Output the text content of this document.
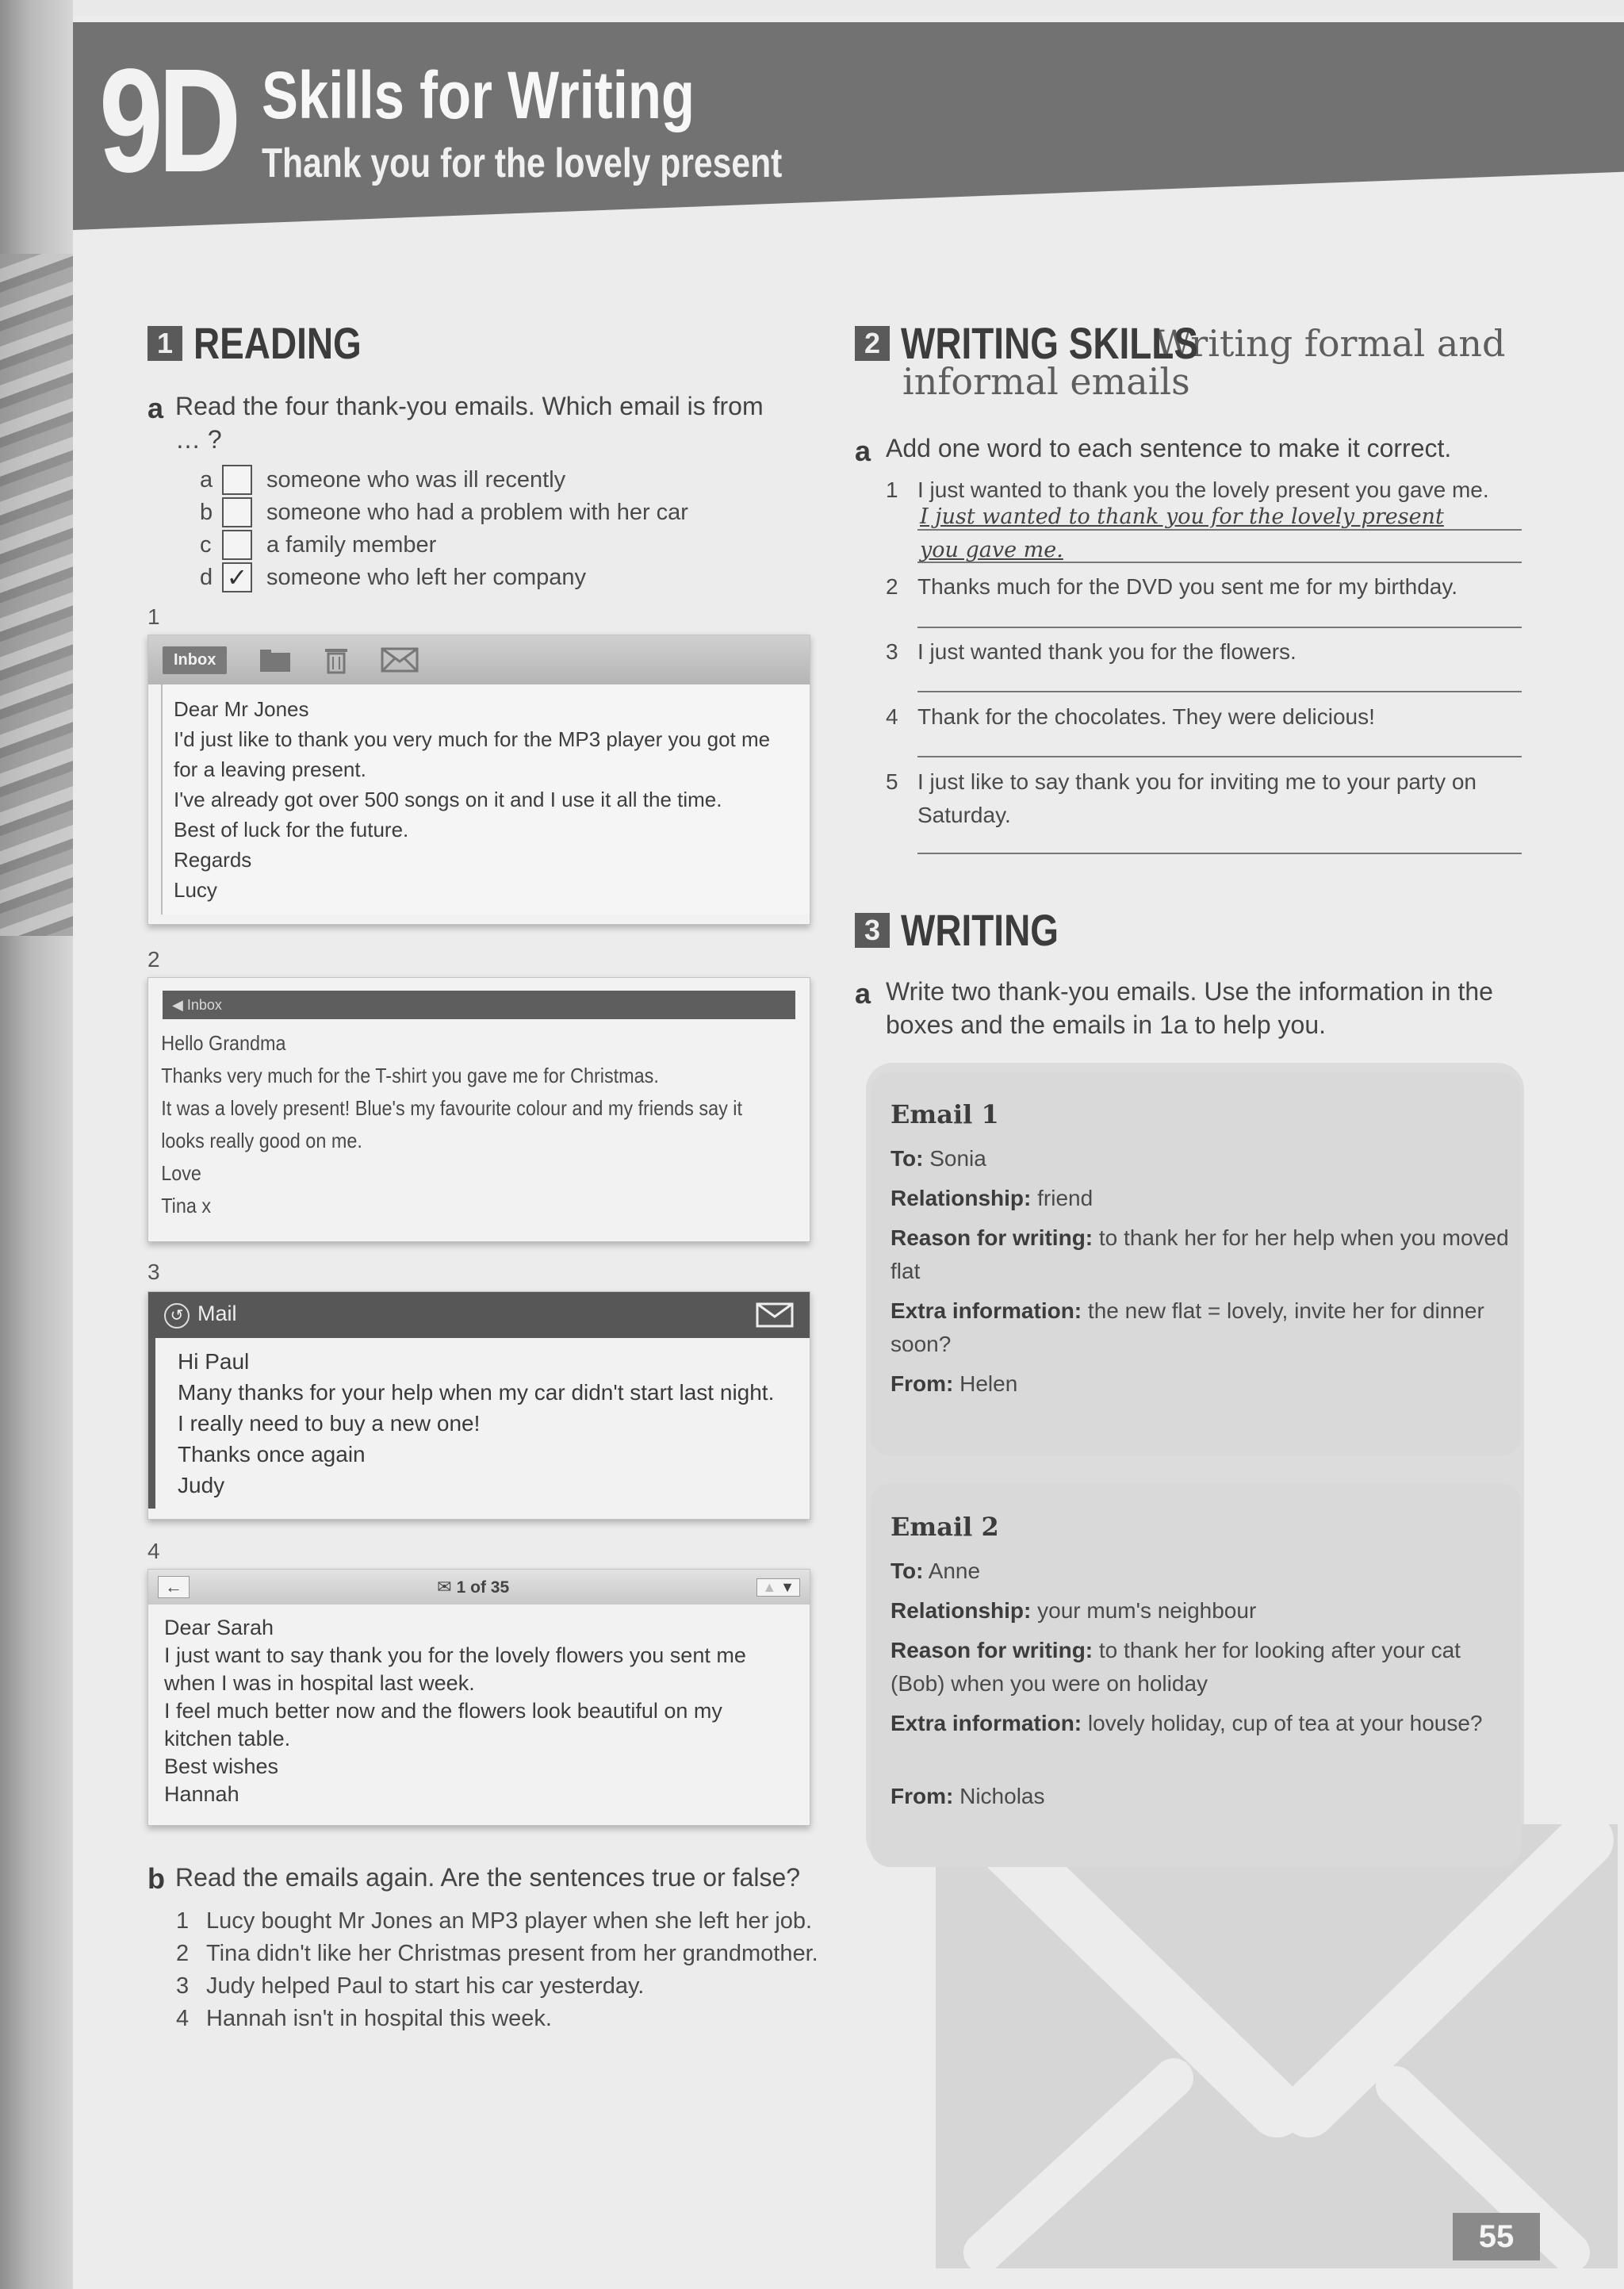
9D Skills for Writing
Thank you for the lovely present
1 READING
a Read the four thank-you emails. Which email is from … ?
a	someone who was ill recently
b	someone who had a problem with her car
c	a family member
d ✓ someone who left her company
1
Inbox
Dear Mr Jones
I'd just like to thank you very much for the MP3 player you got me for a leaving present.
I've already got over 500 songs on it and I use it all the time.
Best of luck for the future.
Regards
Lucy
2
◀ Inbox
Hello Grandma
Thanks very much for the T-shirt you gave me for Christmas.
It was a lovely present! Blue's my favourite colour and my friends say it looks really good on me.
Love
Tina x
3
↺ Mail
Hi Paul
Many thanks for your help when my car didn't start last night.
I really need to buy a new one!
Thanks once again
Judy
4
←	✉ 1 of 35	▲ ▼
Dear Sarah
I just want to say thank you for the lovely flowers you sent me when I was in hospital last week.
I feel much better now and the flowers look beautiful on my kitchen table.
Best wishes
Hannah
b Read the emails again. Are the sentences true or false?
1 Lucy bought Mr Jones an MP3 player when she left her job.
2 Tina didn't like her Christmas present from her grandmother.
3 Judy helped Paul to start his car yesterday.
4 Hannah isn't in hospital this week.
2 WRITING SKILLS
Writing formal and
informal emails
a Add one word to each sentence to make it correct.
1 I just wanted to thank you the lovely present you gave me.
I just wanted to thank you for the lovely present
you gave me.
2 Thanks much for the DVD you sent me for my birthday.
3 I just wanted thank you for the flowers.
4 Thank for the chocolates. They were delicious!
5 I just like to say thank you for inviting me to your party on Saturday.
3 WRITING
a Write two thank-you emails. Use the information in the boxes and the emails in 1a to help you.
Email 1
To: Sonia
Relationship: friend
Reason for writing: to thank her for her help when you moved flat
Extra information: the new flat = lovely, invite her for dinner soon?
From: Helen
Email 2
To: Anne
Relationship: your mum's neighbour
Reason for writing: to thank her for looking after your cat (Bob) when you were on holiday
Extra information: lovely holiday, cup of tea at your house?
From: Nicholas
55
